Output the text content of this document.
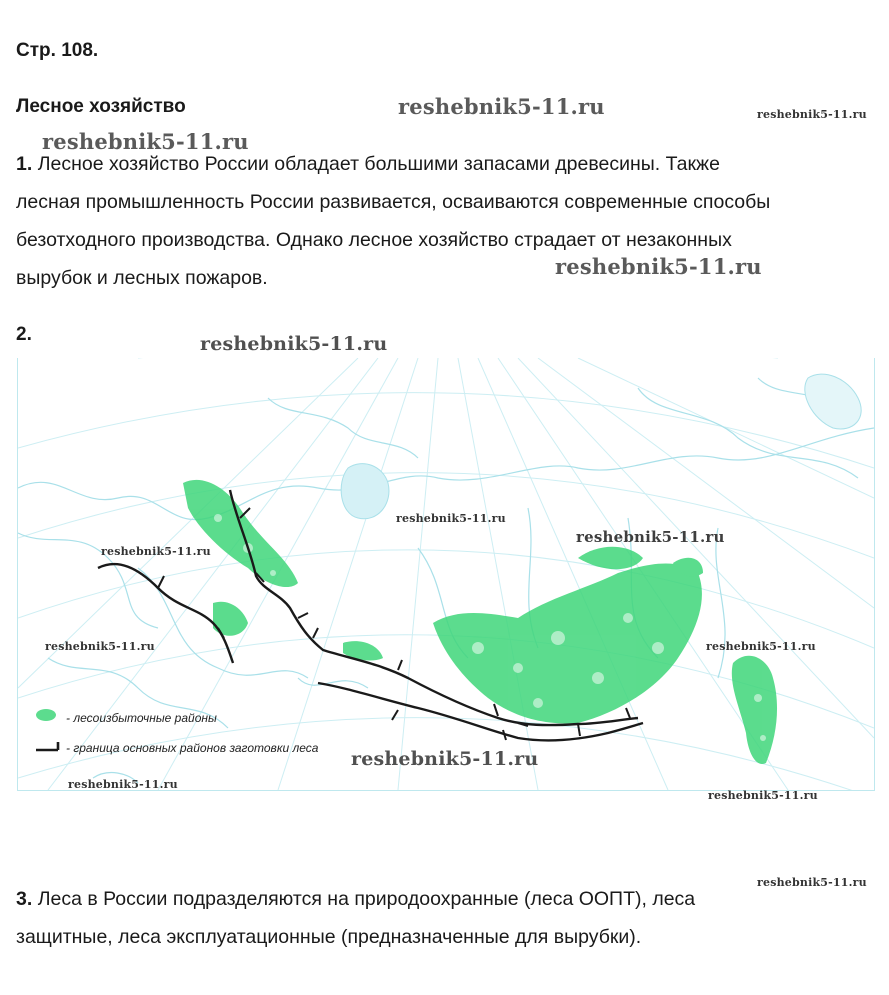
Стр. 108.
Лесное хозяйство	reshebnik5-11.ru	reshebnik5-11.ru
reshebnik5-11.ru
reshebnik5-11.ru
1. Лесное хозяйство России обладает большими запасами древесины. Также
лесная промышленность России развивается, осваиваются современные способы
безотходного производства. Однако лесное хозяйство страдает от незаконных
вырубок и лесных пожаров.
2.	reshebnik5-11.ru
- лесоизбыточные районы
- граница основных районов заготовки леса
reshebnik5-11.ru
reshebnik5-11.ru
reshebnik5-11.ru
reshebnik5-11.ru	reshebnik5-11.ru
reshebnik5-11.ru
reshebnik5-11.ru
reshebnik5-11.ru
reshebnik5-11.ru
3. Леса в России подразделяются на природоохранные (леса ООПТ), леса
защитные, леса эксплуатационные (предназначенные для вырубки).
